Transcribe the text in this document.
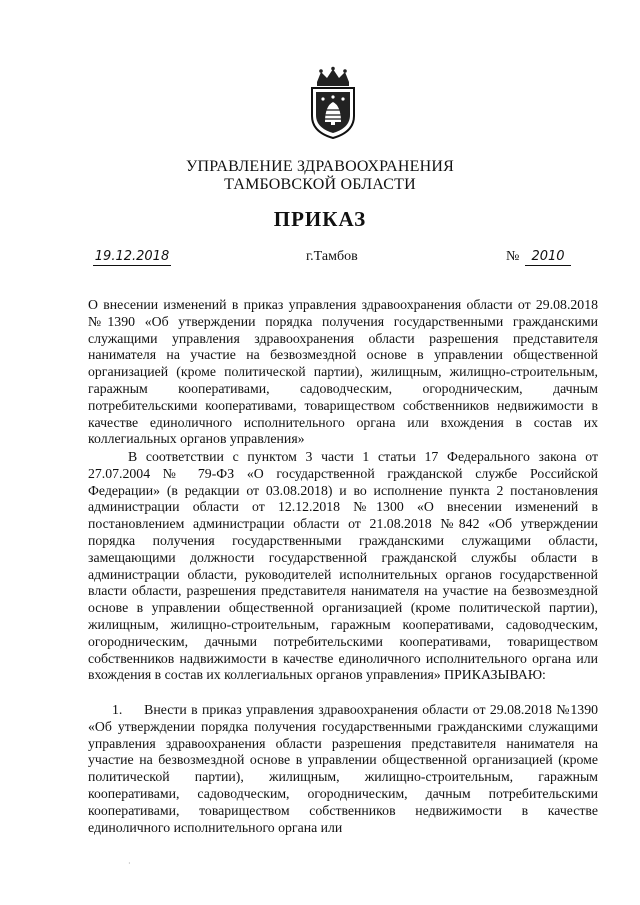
УПРАВЛЕНИЕ ЗДРАВООХРАНЕНИЯ
ТАМБОВСКОЙ ОБЛАСТИ
ПРИКАЗ
19.12.2018	г.Тамбов	№ 2010

О внесении изменений в приказ управления здравоохранения области от 29.08.2018 №1390 «Об утверждении порядка получения государственными гражданскими служащими управления здравоохранения области разрешения представителя нанимателя на участие на безвозмездной основе в управлении общественной организацией (кроме политической партии), жилищным, жилищно-строительным, гаражным кооперативами, садоводческим, огородническим, дачным потребительскими кооперативами, товариществом собственников недвижимости в качестве единоличного исполнительного органа или вхождения в состав их коллегиальных органов управления»

В соответствии с пунктом 3 части 1 статьи 17 Федерального закона от 27.07.2004 № 79-ФЗ «О государственной гражданской службе Российской Федерации» (в редакции от 03.08.2018) и во исполнение пункта 2 постановления администрации области от 12.12.2018 №1300 «О внесении изменений в постановлением администрации области от 21.08.2018 №842 «Об утверждении порядка получения государственными гражданскими служащими области, замещающими должности государственной гражданской службы области в администрации области, руководителей исполнительных органов государственной власти области, разрешения представителя нанимателя на участие на безвозмездной основе в управлении общественной организацией (кроме политической партии), жилищным, жилищно-строительным, гаражным кооперативами, садоводческим, огородническим, дачными потребительскими кооперативами, товариществом собственников надвижимости в качестве единоличного исполнительного органа или вхождения в состав их коллегиальных органов управления» ПРИКАЗЫВАЮ:

1.     Внести в приказ управления здравоохранения области от 29.08.2018 №1390 «Об утверждении порядка получения государственными гражданскими служащими управления здравоохранения области разрешения представителя нанимателя на участие на безвозмездной основе в управлении общественной организацией (кроме политической партии), жилищным, жилищно-строительным, гаражным кооперативами, садоводческим, огородническим, дачным потребительскими кооперативами, товариществом собственников недвижимости в качестве единоличного исполнительного органа или

·
